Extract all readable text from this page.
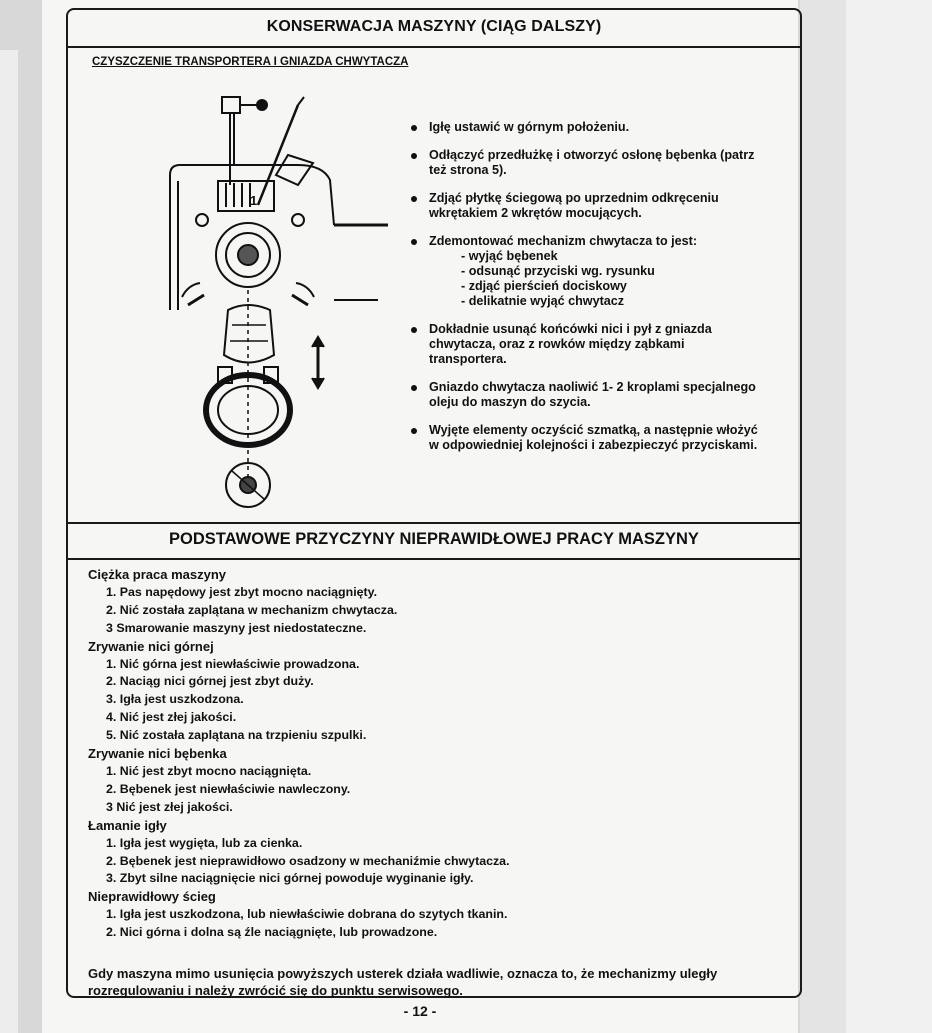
KONSERWACJA MASZYNY (CIĄG DALSZY)
CZYSZCZENIE TRANSPORTERA I GNIAZDA CHWYTACZA
1
Igłę ustawić w górnym położeniu.
Odłączyć przedłużkę i otworzyć osłonę bębenka (patrz też strona 5).
Zdjąć płytkę ściegową po uprzednim odkręceniu wkrętakiem 2 wkrętów mocujących.
Zdemontować mechanizm chwytacza to jest:
- wyjąć bębenek
- odsunąć przyciski wg. rysunku
- zdjąć pierścień dociskowy
- delikatnie wyjąć chwytacz
Dokładnie usunąć końcówki nici i pył z gniazda chwytacza, oraz z rowków między ząbkami transportera.
Gniazdo chwytacza naoliwić 1- 2 kroplami specjalnego oleju do maszyn do szycia.
Wyjęte elementy oczyścić szmatką, a następnie włożyć w odpowiedniej kolejności i zabezpieczyć przyciskami.
PODSTAWOWE PRZYCZYNY NIEPRAWIDŁOWEJ PRACY MASZYNY
Ciężka praca maszyny
1. Pas napędowy jest zbyt mocno naciągnięty.
2. Nić została zaplątana w mechanizm chwytacza.
3 Smarowanie maszyny jest niedostateczne.
Zrywanie nici górnej
1. Nić górna jest niewłaściwie prowadzona.
2. Naciąg nici górnej jest zbyt duży.
3. Igła jest uszkodzona.
4. Nić jest złej jakości.
5. Nić została zaplątana na trzpieniu szpulki.
Zrywanie nici bębenka
1. Nić jest zbyt mocno naciągnięta.
2. Bębenek jest niewłaściwie nawleczony.
3 Nić jest złej jakości.
Łamanie igły
1. Igła jest wygięta, lub za cienka.
2. Bębenek jest nieprawidłowo osadzony w mechaniźmie chwytacza.
3. Zbyt silne naciągnięcie nici górnej powoduje wyginanie igły.
Nieprawidłowy ścieg
1. Igła jest uszkodzona, lub niewłaściwie dobrana do szytych tkanin.
2. Nici górna i dolna są źle naciągnięte, lub prowadzone.
Gdy maszyna mimo usunięcia powyższych usterek działa wadliwie, oznacza to, że mechanizmy uległy rozregulowaniu i należy zwrócić się do punktu serwisowego.
- 12 -
